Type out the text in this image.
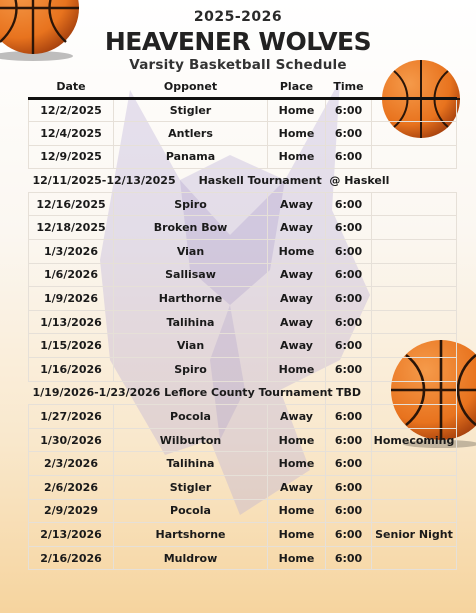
2025-2026
HEAVENER WOLVES
Varsity Basketball Schedule
Date	Opponet	Place	Time	
12/2/2025	Stigler	Home	6:00	
12/4/2025	Antlers	Home	6:00	
12/9/2025	Panama	Home	6:00	
12/11/2025-12/13/2025      Haskell Tournament  @ Haskell				
12/16/2025	Spiro	Away	6:00	
12/18/2025	Broken Bow	Away	6:00	
1/3/2026	Vian	Home	6:00	
1/6/2026	Sallisaw	Away	6:00	
1/9/2026	Harthorne	Away	6:00	
1/13/2026	Talihina	Away	6:00	
1/15/2026	Vian	Away	6:00	
1/16/2026	Spiro	Home	6:00	
1/19/2026-1/23/2026 Leflore County Tournament			TBD	
1/27/2026	Pocola	Away	6:00	
1/30/2026	Wilburton	Home	6:00	Homecoming
2/3/2026	Talihina	Home	6:00	
2/6/2026	Stigler	Away	6:00	
2/9/2029	Pocola	Home	6:00	
2/13/2026	Hartshorne	Home	6:00	Senior Night
2/16/2026	Muldrow	Home	6:00	
